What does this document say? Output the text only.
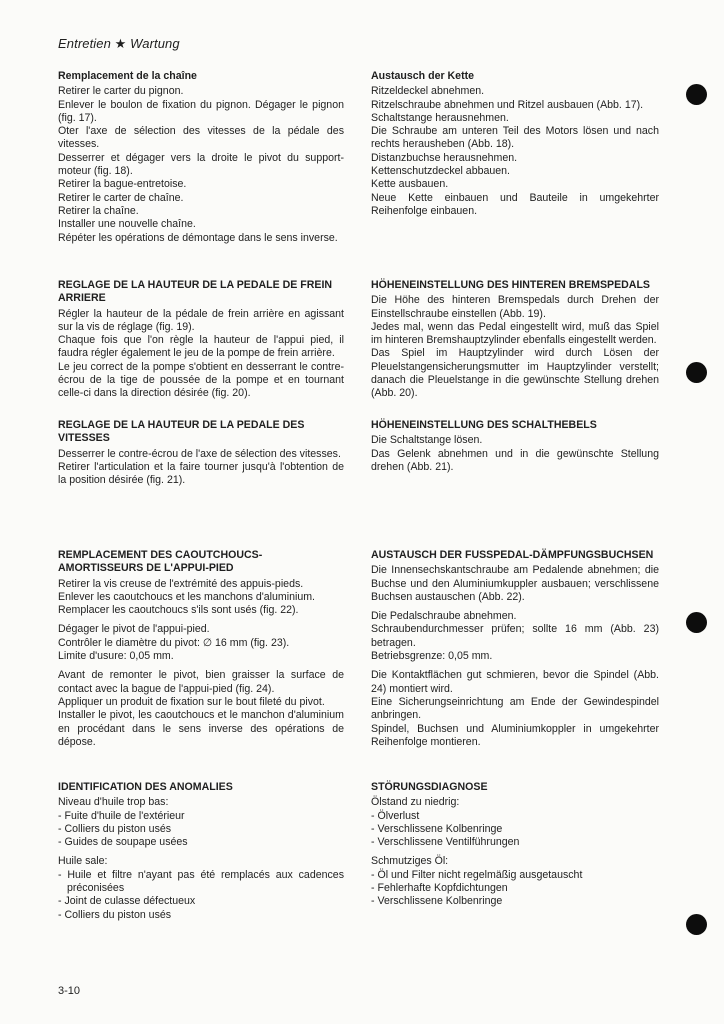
Entretien ★ Wartung
Remplacement de la chaîne

Retirer le carter du pignon.

Enlever le boulon de fixation du pignon. Dégager le pignon (fig. 17).

Oter l'axe de sélection des vitesses de la pédale des vitesses.

Desserrer et dégager vers la droite le pivot du support-moteur (fig. 18).

Retirer la bague-entretoise.

Retirer le carter de chaîne.

Retirer la chaîne.

Installer une nouvelle chaîne.

Répéter les opérations de démontage dans le sens inverse.

REGLAGE DE LA HAUTEUR DE LA PEDALE DE FREIN ARRIERE

Régler la hauteur de la pédale de frein arrière en agissant sur la vis de réglage (fig. 19).

Chaque fois que l'on règle la hauteur de l'appui pied, il faudra régler également le jeu de la pompe de frein arrière.

Le jeu correct de la pompe s'obtient en desserrant le contre-écrou de la tige de poussée de la pompe et en tournant celle-ci dans la direction désirée (fig. 20).

REGLAGE DE LA HAUTEUR DE LA PEDALE DES VITESSES

Desserrer le contre-écrou de l'axe de sélection des vitesses.

Retirer l'articulation et la faire tourner jusqu'à l'obtention de la position désirée (fig. 21).

REMPLACEMENT DES CAOUTCHOUCS-AMORTISSEURS DE L'APPUI-PIED

Retirer la vis creuse de l'extrémité des appuis-pieds.

Enlever les caoutchoucs et les manchons d'aluminium.

Remplacer les caoutchoucs s'ils sont usés (fig. 22).

Dégager le pivot de l'appui-pied.

Contrôler le diamètre du pivot: ∅ 16 mm (fig. 23).

Limite d'usure: 0,05 mm.

Avant de remonter le pivot, bien graisser la surface de contact avec la bague de l'appui-pied (fig. 24).

Appliquer un produit de fixation sur le bout fileté du pivot.

Installer le pivot, les caoutchoucs et le manchon d'aluminium en procédant dans le sens inverse des opérations de dépose.

IDENTIFICATION DES ANOMALIES

Niveau d'huile trop bas:

- Fuite d'huile de l'extérieur

- Colliers du piston usés

- Guides de soupape usées

Huile sale:

- Huile et filtre n'ayant pas été remplacés aux cadences préconisées

- Joint de culasse défectueux

- Colliers du piston usés

Austausch der Kette

Ritzeldeckel abnehmen.

Ritzelschraube abnehmen und Ritzel ausbauen (Abb. 17).

Schaltstange herausnehmen.

Die Schraube am unteren Teil des Motors lösen und nach rechts herausheben (Abb. 18).

Distanzbuchse herausnehmen.

Kettenschutzdeckel abbauen.

Kette ausbauen.

Neue Kette einbauen und Bauteile in umgekehrter Reihenfolge einbauen.

HÖHENEINSTELLUNG DES HINTEREN BREMSPEDALS

Die Höhe des hinteren Bremspedals durch Drehen der Einstellschraube einstellen (Abb. 19).

Jedes mal, wenn das Pedal eingestellt wird, muß das Spiel im hinteren Bremshauptzylinder ebenfalls eingestellt werden.

Das Spiel im Hauptzylinder wird durch Lösen der Pleuelstangensicherungsmutter im Hauptzylinder verstellt; danach die Pleuelstange in die gewünschte Stellung drehen (Abb. 20).

HÖHENEINSTELLUNG DES SCHALTHEBELS

Die Schaltstange lösen.

Das Gelenk abnehmen und in die gewünschte Stellung drehen (Abb. 21).

AUSTAUSCH DER FUSSPEDAL-DÄMPFUNGSBUCHSEN

Die Innensechskantschraube am Pedalende abnehmen; die Buchse und den Aluminiumkuppler ausbauen; verschlissene Buchsen austauschen (Abb. 22).

Die Pedalschraube abnehmen.

Schraubendurchmesser prüfen; sollte 16 mm (Abb. 23) betragen.

Betriebsgrenze: 0,05 mm.

Die Kontaktflächen gut schmieren, bevor die Spindel (Abb. 24) montiert wird.

Eine Sicherungseinrichtung am Ende der Gewindespindel anbringen.

Spindel, Buchsen und Aluminiumkoppler in umgekehrter Reihenfolge montieren.

STÖRUNGSDIAGNOSE

Ölstand zu niedrig:

- Ölverlust

- Verschlissene Kolbenringe

- Verschlissene Ventilführungen

Schmutziges Öl:

- Öl und Filter nicht regelmäßig ausgetauscht

- Fehlerhafte Kopfdichtungen

- Verschlissene Kolbenringe

3-10
